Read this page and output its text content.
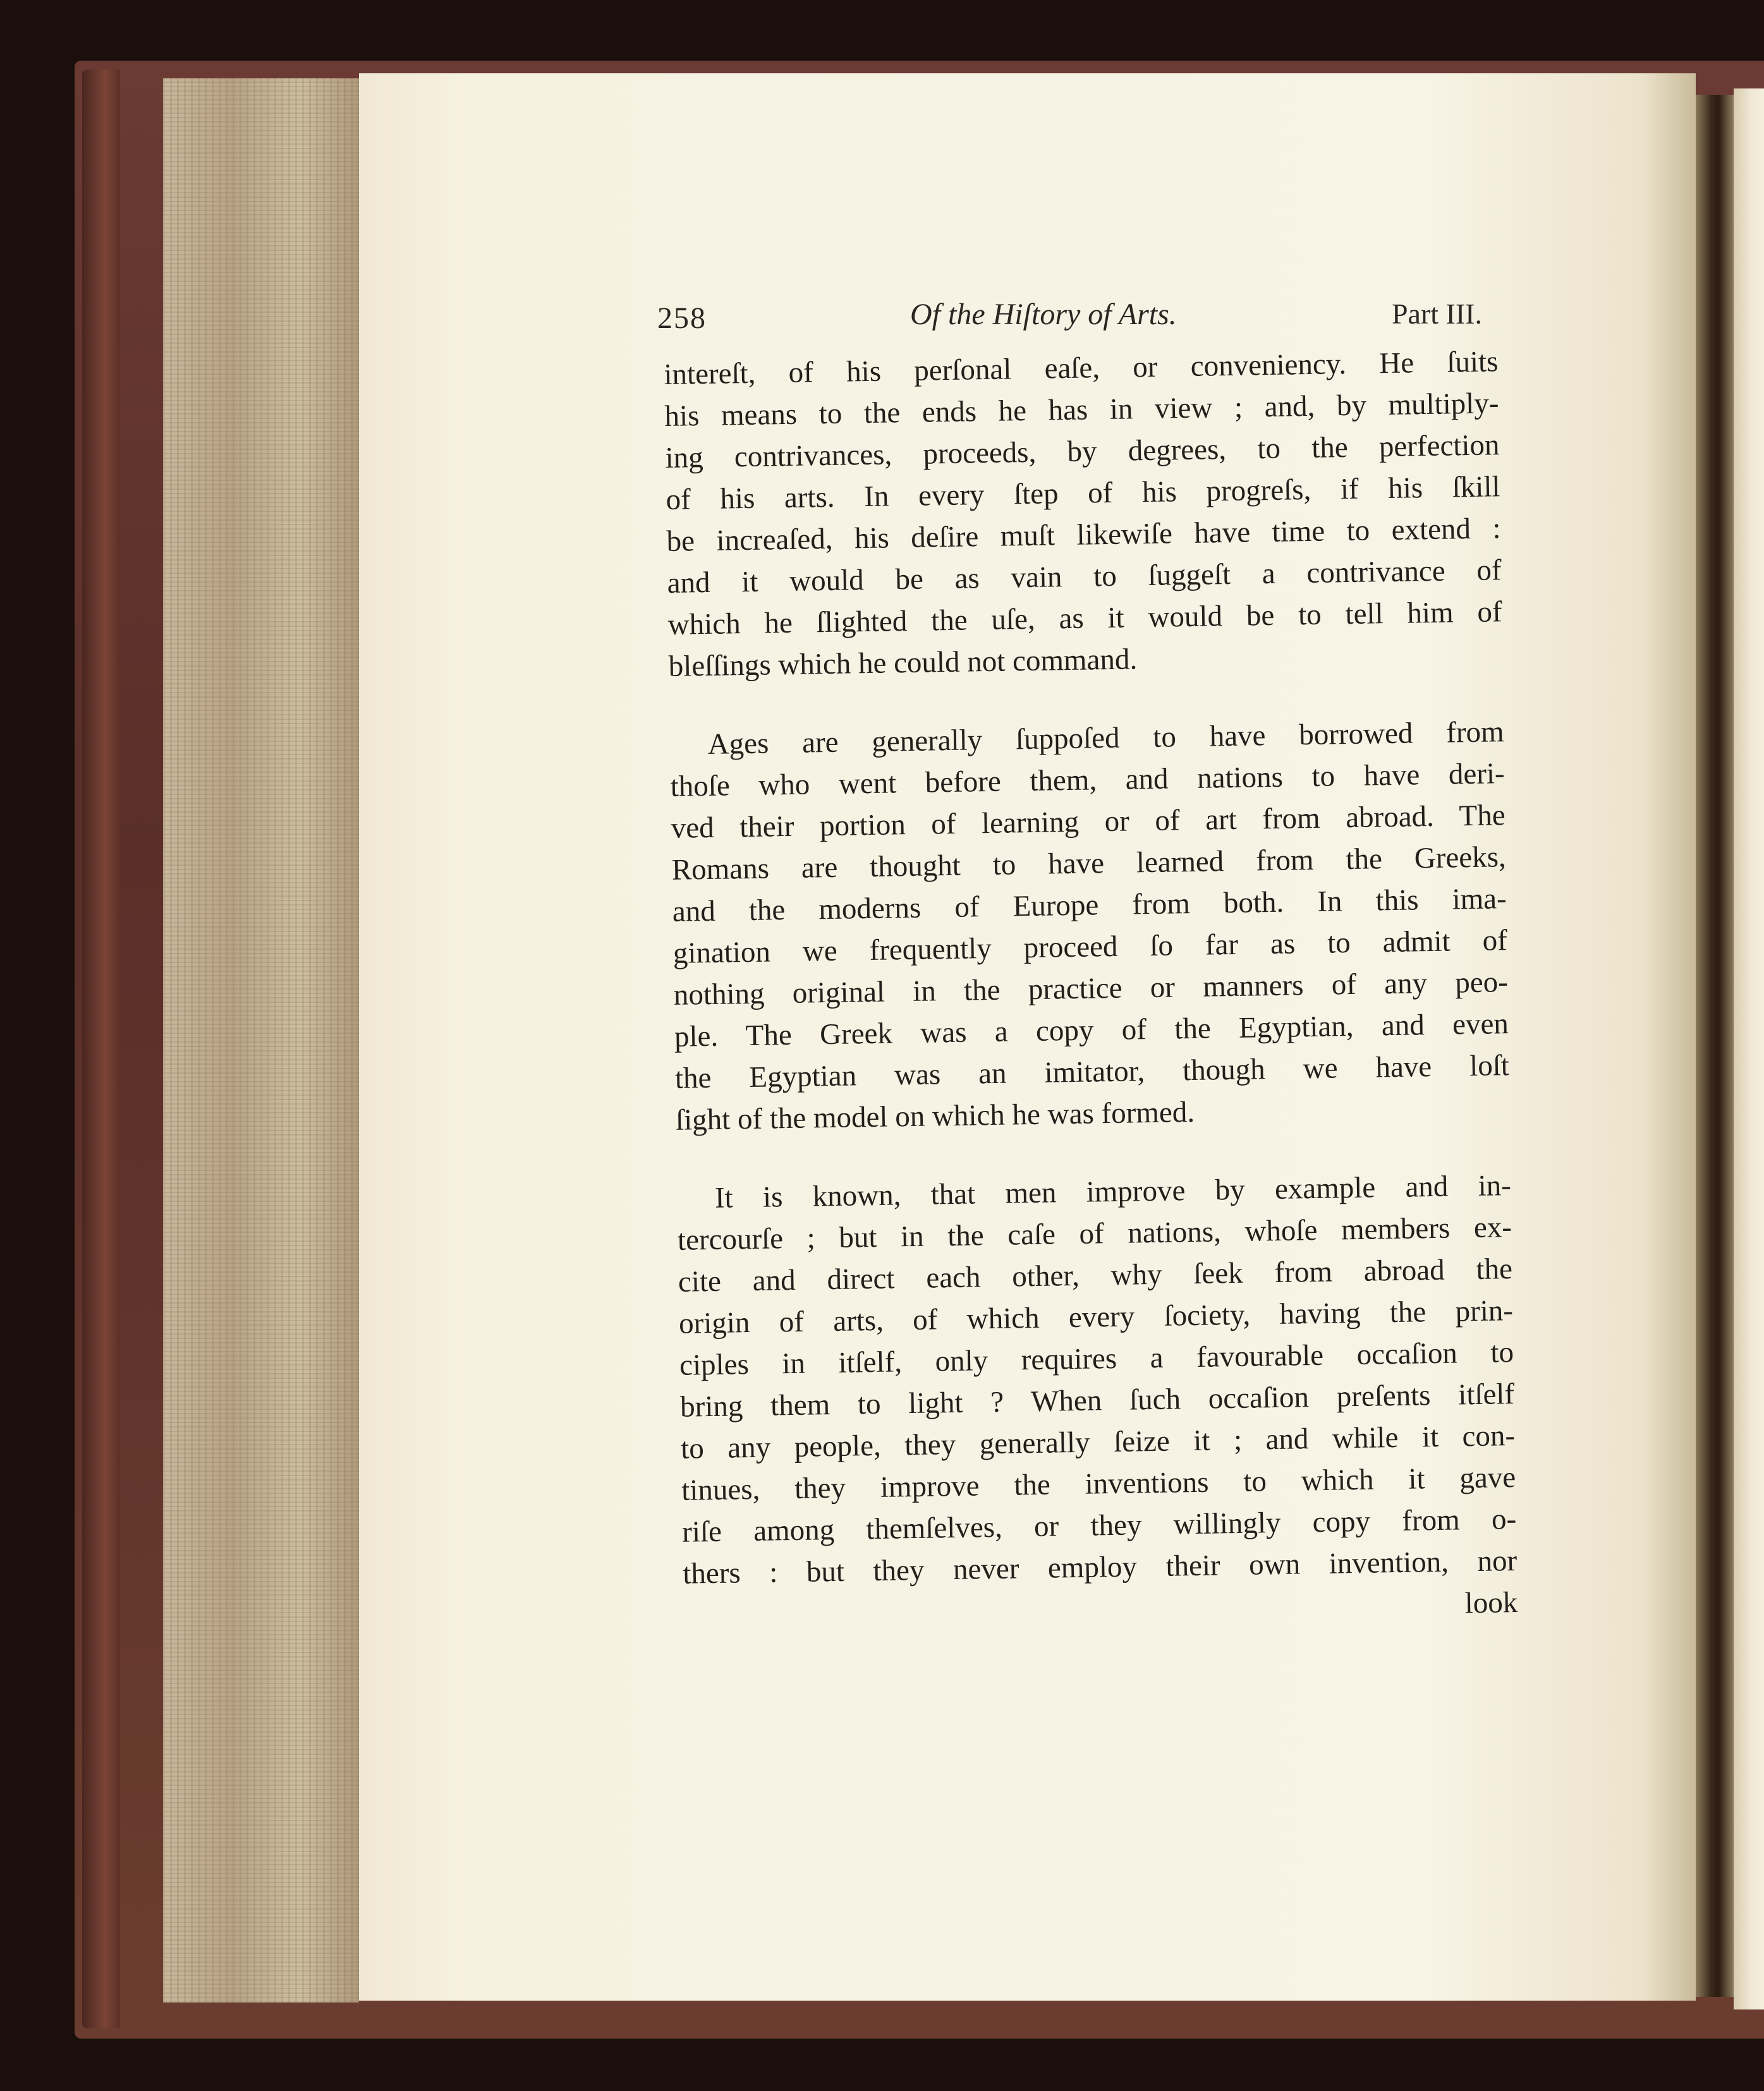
258	Of the Hiſtory of Arts.	Part III.
intereſt, of his perſonal eaſe, or conveniency. He ſuits
his means to the ends he has in view ; and, by multiply-
ing contrivances, proceeds, by degrees, to the perfection
of his arts. In every ſtep of his progreſs, if his ſkill
be increaſed, his deſire muſt likewiſe have time to extend :
and it would be as vain to ſuggeſt a contrivance of
which he ſlighted the uſe, as it would be to tell him of
bleſſings which he could not command.
Ages are generally ſuppoſed to have borrowed from
thoſe who went before them, and nations to have deri-
ved their portion of learning or of art from abroad. The
Romans are thought to have learned from the Greeks,
and the moderns of Europe from both. In this ima-
gination we frequently proceed ſo far as to admit of
nothing original in the practice or manners of any peo-
ple. The Greek was a copy of the Egyptian, and even
the Egyptian was an imitator, though we have loſt
ſight of the model on which he was formed.
It is known, that men improve by example and in-
tercourſe ; but in the caſe of nations, whoſe members ex-
cite and direct each other, why ſeek from abroad the
origin of arts, of which every ſociety, having the prin-
ciples in itſelf, only requires a favourable occaſion to
bring them to light ? When ſuch occaſion preſents itſelf
to any people, they generally ſeize it ; and while it con-
tinues, they improve the inventions to which it gave
riſe among themſelves, or they willingly copy from o-
thers : but they never employ their own invention, nor
look
